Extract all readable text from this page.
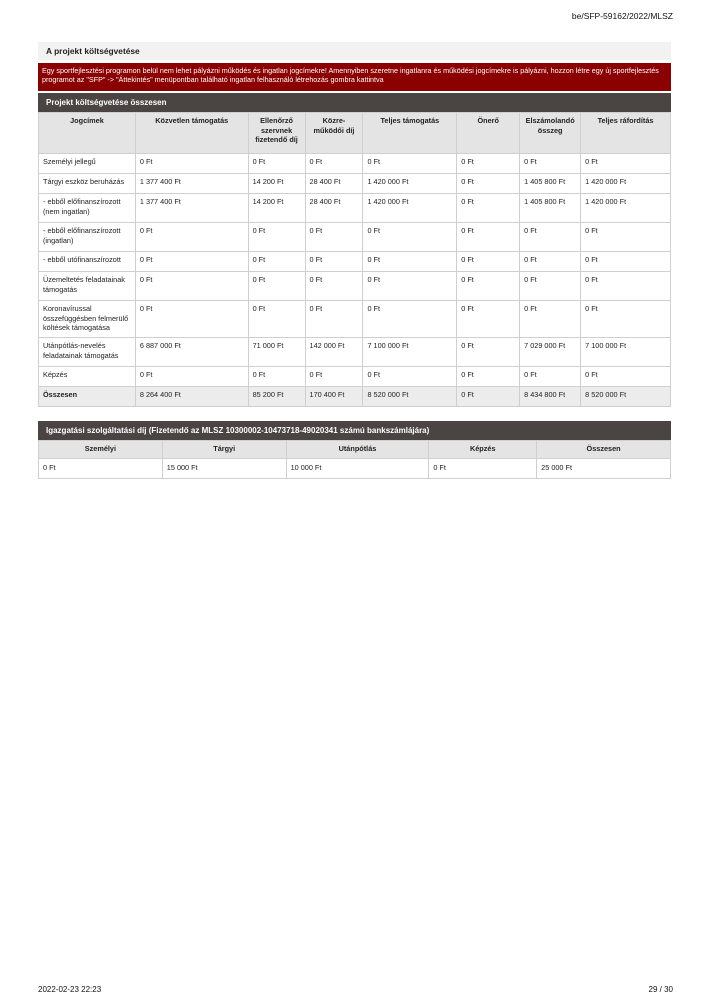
be/SFP-59162/2022/MLSZ
A projekt költségvetése
Egy sportfejlesztési programon belül nem lehet pályázni működés és ingatlan jogcímekre! Amennyiben szeretne ingatlanra és működési jogcímekre is pályázni, hozzon létre egy új sportfejlesztés programot az "SFP" -> "Áttekintés" menüpontban található ingatlan felhasználó létrehozás gombra kattintva
Projekt költségvetése összesen
Jogcímek	Közvetlen támogatás	Ellenőrző szervnek fizetendő díj	Közre-működői díj	Teljes támogatás	Önerő	Elszámolandó összeg	Teljes ráfordítás
Személyi jellegű	0 Ft	0 Ft	0 Ft	0 Ft	0 Ft	0 Ft	0 Ft
Tárgyi eszköz beruházás	1 377 400 Ft	14 200 Ft	28 400 Ft	1 420 000 Ft	0 Ft	1 405 800 Ft	1 420 000 Ft
- ebből előfinanszírozott (nem ingatlan)	1 377 400 Ft	14 200 Ft	28 400 Ft	1 420 000 Ft	0 Ft	1 405 800 Ft	1 420 000 Ft
- ebből előfinanszírozott (ingatlan)	0 Ft	0 Ft	0 Ft	0 Ft	0 Ft	0 Ft	0 Ft
- ebből utófinanszírozott	0 Ft	0 Ft	0 Ft	0 Ft	0 Ft	0 Ft	0 Ft
Üzemeltetés feladatainak támogatás	0 Ft	0 Ft	0 Ft	0 Ft	0 Ft	0 Ft	0 Ft
Koronavírussal összefüggésben felmerülő költések támogatása	0 Ft	0 Ft	0 Ft	0 Ft	0 Ft	0 Ft	0 Ft
Utánpótlás-nevelés feladatainak támogatás	6 887 000 Ft	71 000 Ft	142 000 Ft	7 100 000 Ft	0 Ft	7 029 000 Ft	7 100 000 Ft
Képzés	0 Ft	0 Ft	0 Ft	0 Ft	0 Ft	0 Ft	0 Ft
Összesen	8 264 400 Ft	85 200 Ft	170 400 Ft	8 520 000 Ft	0 Ft	8 434 800 Ft	8 520 000 Ft
Igazgatási szolgáltatási díj (Fizetendő az MLSZ 10300002-10473718-49020341 számú bankszámlájára)
Személyi	Tárgyi	Utánpótlás	Képzés	Összesen
0 Ft	15 000 Ft	10 000 Ft	0 Ft	25 000 Ft
2022-02-23 22:23	29 / 30
